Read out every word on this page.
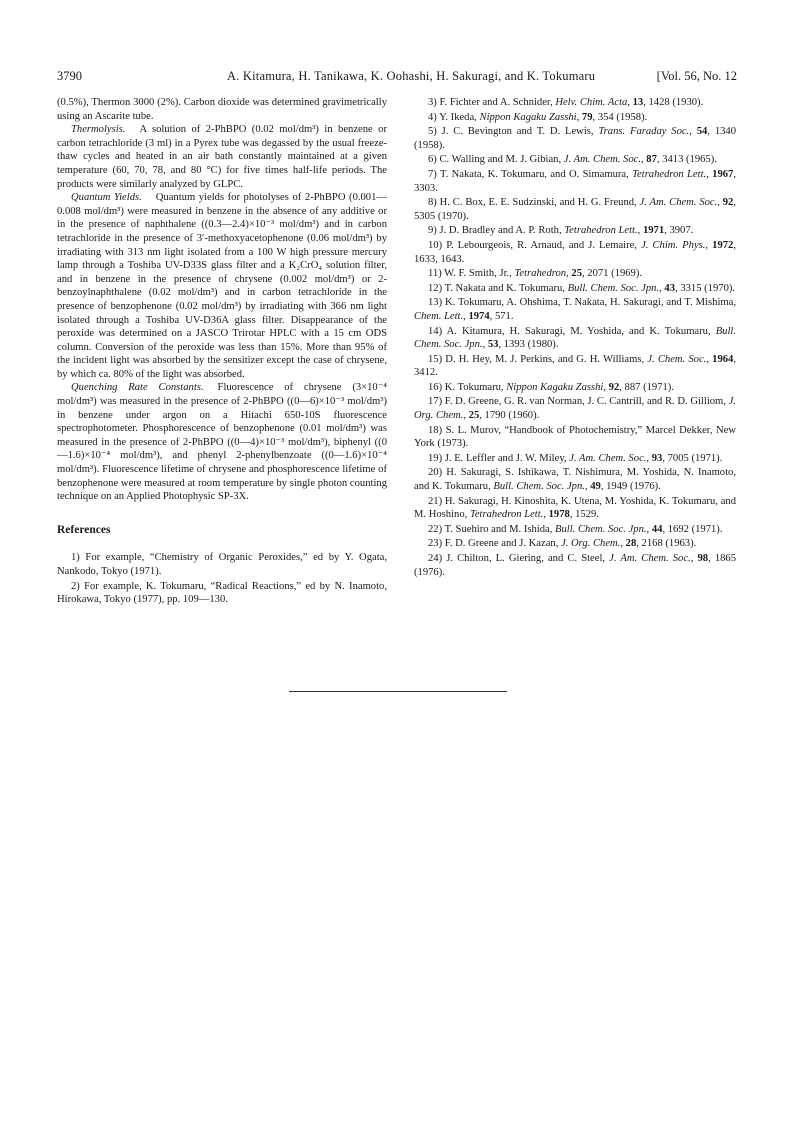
3790	A. Kitamura, H. Tanikawa, K. Oohashi, H. Sakuragi, and K. Tokumaru	[Vol. 56, No. 12

(0.5%), Thermon 3000 (2%). Carbon dioxide was determined gravimetrically using an Ascarite tube.

Thermolysis. A solution of 2-PhBPO (0.02 mol/dm³) in benzene or carbon tetrachloride (3 ml) in a Pyrex tube was degassed by the usual freeze-thaw cycles and heated in an air bath constantly maintained at a given temperature (60, 70, 78, and 80 °C) for five times half-life periods. The products were similarly analyzed by GLPC.

Quantum Yields. Quantum yields for photolyses of 2-PhBPO (0.001—0.008 mol/dm³) were measured in benzene in the absence of any additive or in the presence of naphthalene ((0.3—2.4)×10⁻³ mol/dm³) and in carbon tetrachloride in the presence of 3′-methoxyacetophenone (0.06 mol/dm³) by irradiating with 313 nm light isolated from a 100 W high pressure mercury lamp through a Toshiba UV-D33S glass filter and a K₂CrO₄ solution filter, and in benzene in the presence of chrysene (0.002 mol/dm³) or 2-benzoylnaphthalene (0.02 mol/dm³) and in carbon tetrachloride in the presence of benzophenone (0.02 mol/dm³) by irradiating with 366 nm light isolated through a Toshiba UV-D36A glass filter. Disappearance of the peroxide was determined on a JASCO Trirotar HPLC with a 15 cm ODS column. Conversion of the peroxide was less than 15%. More than 95% of the incident light was absorbed by the sensitizer except the case of chrysene, by which ca. 80% of the light was absorbed.

Quenching Rate Constants. Fluorescence of chrysene (3×10⁻⁴ mol/dm³) was measured in the presence of 2-PhBPO ((0—6)×10⁻³ mol/dm³) in benzene under argon on a Hitachi 650-10S fluorescence spectrophotometer. Phosphorescence of benzophenone (0.01 mol/dm³) was measured in the presence of 2-PhBPO ((0—4)×10⁻³ mol/dm³), biphenyl ((0—1.6)×10⁻⁴ mol/dm³), and phenyl 2-phenylbenzoate ((0—1.6)×10⁻⁴ mol/dm³). Fluorescence lifetime of chrysene and phosphorescence lifetime of benzophenone were measured at room temperature by single photon counting technique on an Applied Photophysic SP-3X.

References

1) For example, “Chemistry of Organic Peroxides,” ed by Y. Ogata, Nankodo, Tokyo (1971).

2) For example, K. Tokumaru, “Radical Reactions,” ed by N. Inamoto, Hirokawa, Tokyo (1977), pp. 109—130.

3) F. Fichter and A. Schnider, Helv. Chim. Acta, 13, 1428 (1930).

4) Y. Ikeda, Nippon Kagaku Zasshi, 79, 354 (1958).

5) J. C. Bevington and T. D. Lewis, Trans. Faraday Soc., 54, 1340 (1958).

6) C. Walling and M. J. Gibian, J. Am. Chem. Soc., 87, 3413 (1965).

7) T. Nakata, K. Tokumaru, and O. Simamura, Tetrahedron Lett., 1967, 3303.

8) H. C. Box, E. E. Sudzinski, and H. G. Freund, J. Am. Chem. Soc., 92, 5305 (1970).

9) J. D. Bradley and A. P. Roth, Tetrahedron Lett., 1971, 3907.

10) P. Lebourgeois, R. Arnaud, and J. Lemaire, J. Chim. Phys., 1972, 1633, 1643.

11) W. F. Smith, Jr., Tetrahedron, 25, 2071 (1969).

12) T. Nakata and K. Tokumaru, Bull. Chem. Soc. Jpn., 43, 3315 (1970).

13) K. Tokumaru, A. Ohshima, T. Nakata, H. Sakuragi, and T. Mishima, Chem. Lett., 1974, 571.

14) A. Kitamura, H. Sakuragi, M. Yoshida, and K. Tokumaru, Bull. Chem. Soc. Jpn., 53, 1393 (1980).

15) D. H. Hey, M. J. Perkins, and G. H. Williams, J. Chem. Soc., 1964, 3412.

16) K. Tokumaru, Nippon Kagaku Zasshi, 92, 887 (1971).

17) F. D. Greene, G. R. van Norman, J. C. Cantrill, and R. D. Gilliom, J. Org. Chem., 25, 1790 (1960).

18) S. L. Murov, “Handbook of Photochemistry,” Marcel Dekker, New York (1973).

19) J. E. Leffler and J. W. Miley, J. Am. Chem. Soc., 93, 7005 (1971).

20) H. Sakuragi, S. Ishikawa, T. Nishimura, M. Yoshida, N. Inamoto, and K. Tokumaru, Bull. Chem. Soc. Jpn., 49, 1949 (1976).

21) H. Sakuragi, H. Kinoshita, K. Utena, M. Yoshida, K. Tokumaru, and M. Hoshino, Tetrahedron Lett., 1978, 1529.

22) T. Suehiro and M. Ishida, Bull. Chem. Soc. Jpn., 44, 1692 (1971).

23) F. D. Greene and J. Kazan, J. Org. Chem., 28, 2168 (1963).

24) J. Chilton, L. Giering, and C. Steel, J. Am. Chem. Soc., 98, 1865 (1976).
